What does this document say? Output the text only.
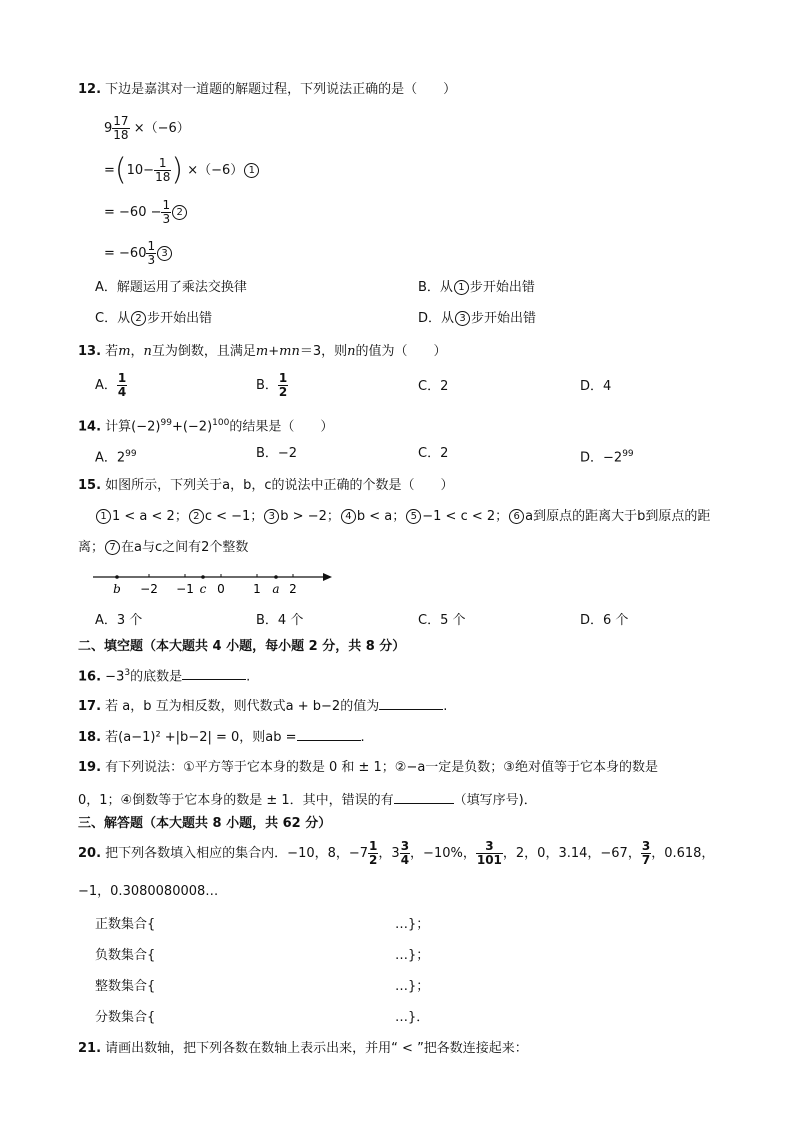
12. 下边是嘉淇对一道题的解题过程，下列说法正确的是（　　）
$9 \frac{17}{18} \times(-6)$
$=(10- \frac{1}{18}$ ) ×（−6） 1
= $-60 - \frac{1}{3} 2$
= $-60 \frac{1}{3} 3$
A．解题运用了乘法交换律	B．从 1 步开始出错
C．从 2 步开始出错	D．从 3 步开始出错
13. 若m，n互为倒数，且满足m+mn＝3，则n的值为（　　）
A． $\frac{1}{4}$	B． $\frac{1}{2}$	C．2	D．4
14. 计算$(-2)^{99}+(-2)^{100}$的结果是（　　）
A．$2^{99}$	B．−2	C．2	D．$-2^{99}$
15. 如图所示，下列关于a，b，c的说法中正确的个数是（　　）
1 1 < a < 2； 2 c < −1； 3 b > −2； 4 b < a； 5 −1 < c < 2； 6 a到原点的距离大于b到原点的距
离； 7 在a与c之间有2个整数
b −2 −1 c 0 1 a 2
A．3 个	B．4 个	C．5 个	D．6 个
二、填空题（本大题共 4 小题，每小题 2 分，共 8 分）
16. $-3^3$的底数是	.
17. 若 a，b 互为相反数，则代数式a + b−2的值为	.
18. 若(a−1)² +|b−2| = 0，则ab =	.
19. 有下列说法：①平方等于它本身的数是 0 和 ± 1；②−a一定是负数；③绝对值等于它本身的数是
0，1；④倒数等于它本身的数是 ± 1．其中，错误的有	（填写序号)．
三、解答题（本大题共 8 小题，共 62 分）
20. 把下列各数填入相应的集合内．−10，8，$-7 \frac{1}{2}$ ，$3 \frac{3}{4}$ ，−10%， $\frac{3}{101}$ ，2，0，3.14，−67， $\frac{3}{7}$ ，0.618，
−1，0.3080080008…
正数集合{	…}；
负数集合{	…}；
整数集合{	…}；
分数集合{	…}．
21. 请画出数轴，把下列各数在数轴上表示出来，并用“ < ”把各数连接起来：
